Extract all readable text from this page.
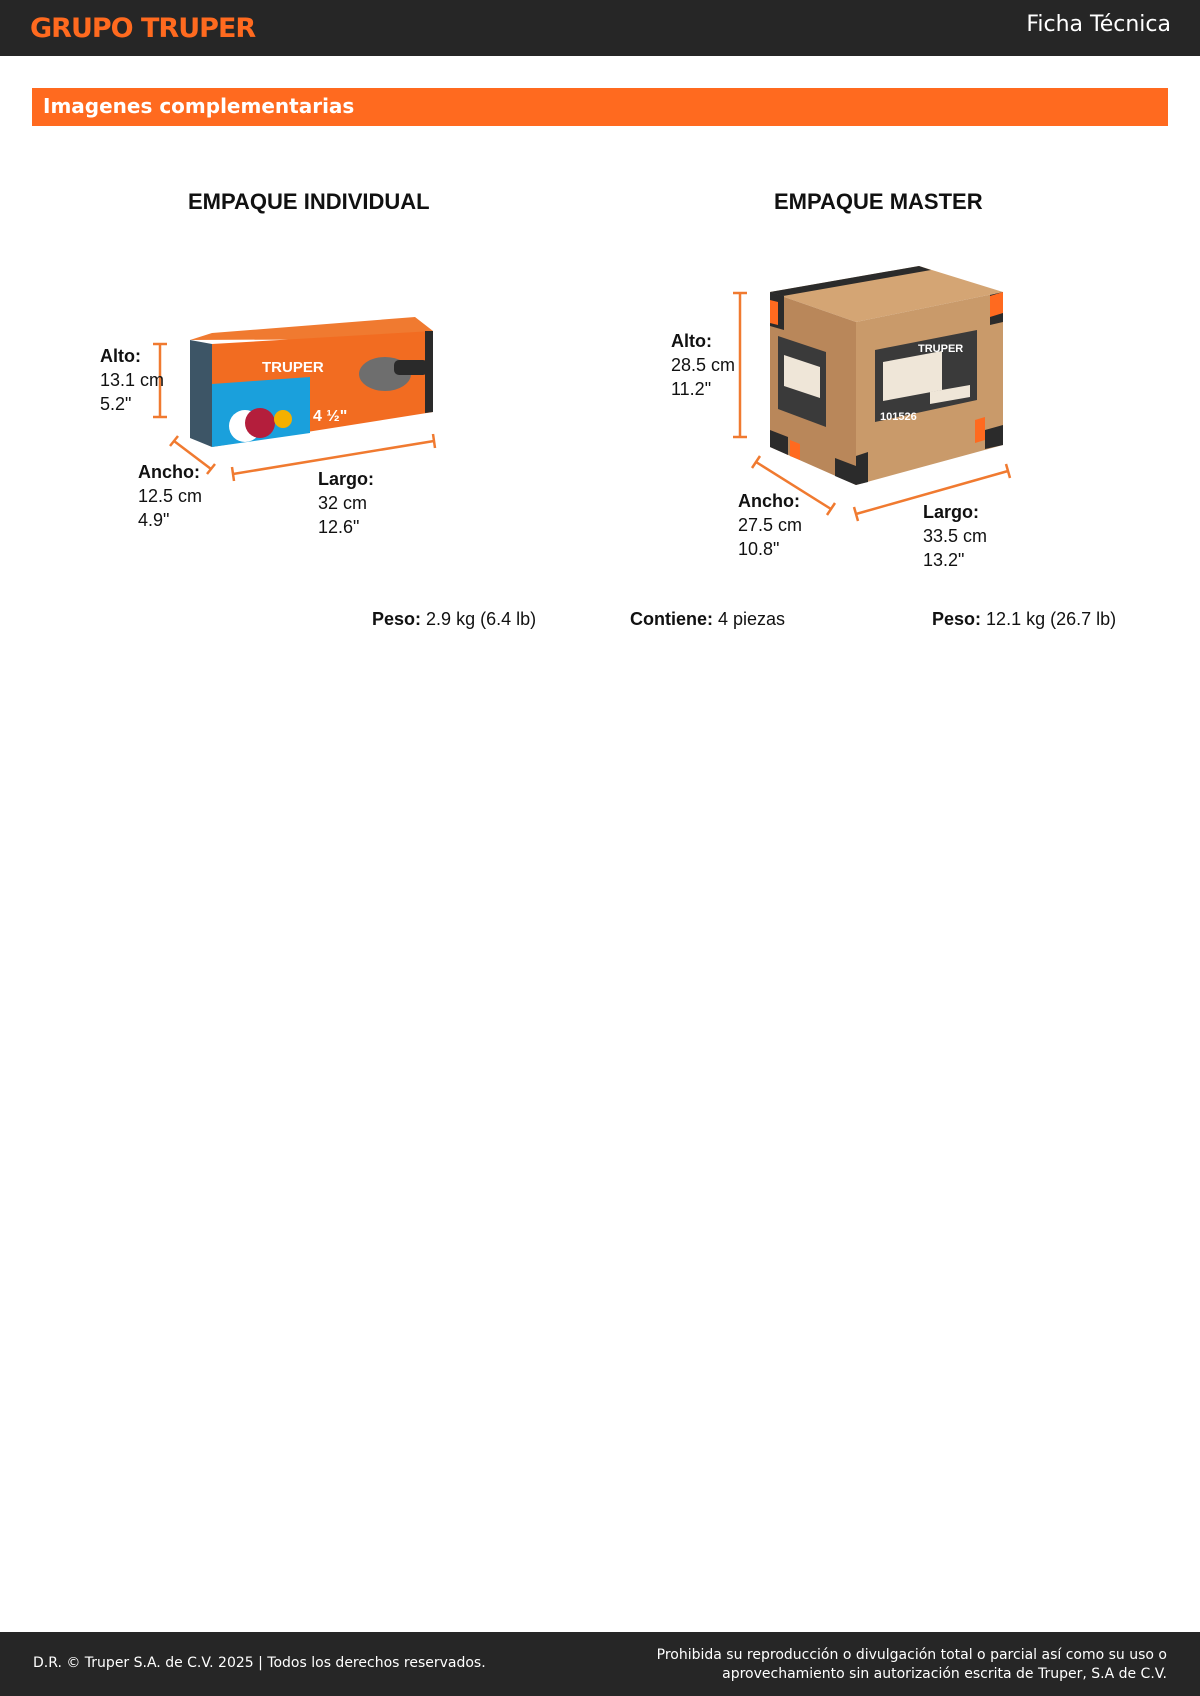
GRUPO TRUPER	Ficha Técnica
Imagenes complementarias
EMPAQUE INDIVIDUAL	EMPAQUE MASTER
TRUPER
4 ½"
TRUPER
101526
Alto:
13.1 cm
5.2"
Ancho:
12.5 cm
4.9"
Largo:
32 cm
12.6"
Alto:
28.5 cm
11.2"
Ancho:
27.5 cm
10.8"
Largo:
33.5 cm
13.2"
Peso: 2.9 kg (6.4 lb)	Contiene: 4 piezas	Peso: 12.1 kg (26.7 lb)
D.R. © Truper S.A. de C.V. 2025 | Todos los derechos reservados.	Prohibida su reproducción o divulgación total o parcial así como su uso o
aprovechamiento sin autorización escrita de Truper, S.A de C.V.
